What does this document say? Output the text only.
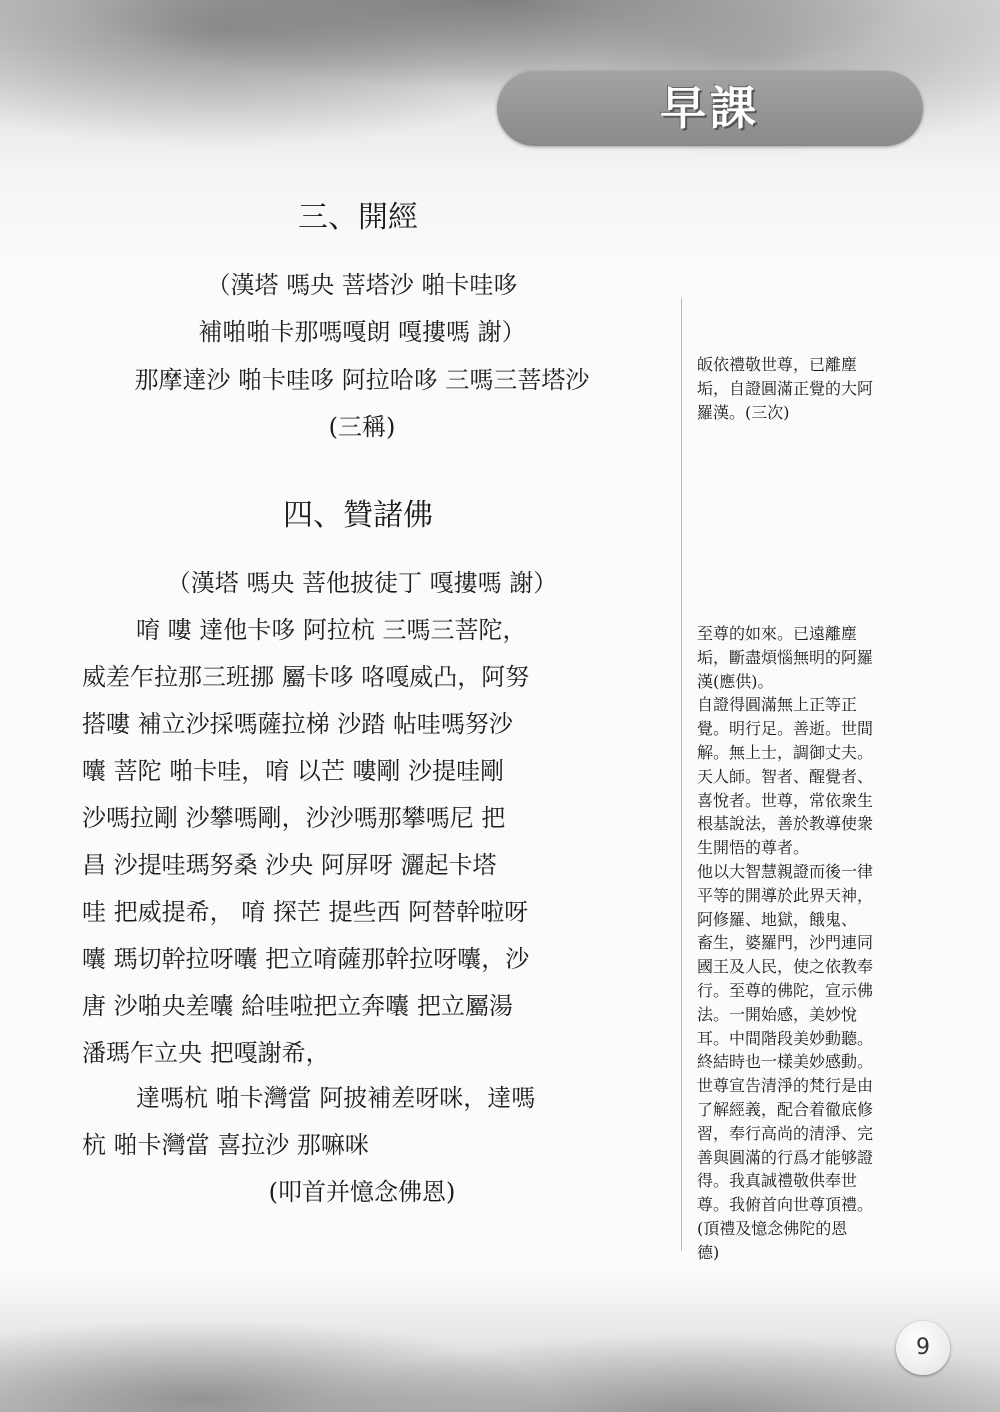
早課
三、開經
（漢塔 嗎央 菩塔沙 啪卡哇哆
補啪啪卡那嗎嘎朗 嘎摟嗎 謝）
那摩達沙 啪卡哇哆 阿拉哈哆 三嗎三菩塔沙
(三稱)
四、贊諸佛
（漢塔 嗎央 菩他披徒丁 嘎摟嗎 謝）
唷 嘍 達他卡哆 阿拉杭 三嗎三菩陀，
威差乍拉那三班挪 屬卡哆 咯嘎威凸，阿努
搭嘍 補立沙採嗎薩拉梯 沙踏 帖哇嗎努沙
囔 菩陀 啪卡哇，唷 以芒 嘍剛 沙提哇剛
沙嗎拉剛 沙攀嗎剛，沙沙嗎那攀嗎尼 把
昌 沙提哇瑪努桑 沙央 阿屏呀 灑起卡塔
哇 把威提希， 唷 探芒 提些西 阿替幹啦呀
囔 瑪切幹拉呀囔 把立唷薩那幹拉呀囔，沙
唐 沙啪央差囔 給哇啦把立奔囔 把立屬湯
潘瑪乍立央 把嘎謝希，
達嗎杭 啪卡灣當 阿披補差呀咪，達嗎
杭 啪卡灣當 喜拉沙 那嘛咪
(叩首并憶念佛恩)
皈依禮敬世尊，已離塵
垢，自證圓滿正覺的大阿
羅漢。(三次)
至尊的如來。已遠離塵
垢，斷盡煩惱無明的阿羅
漢(應供)。
自證得圓滿無上正等正
覺。明行足。善逝。世間
解。無上士，調御丈夫。
天人師。智者、醒覺者、
喜悅者。世尊，常依衆生
根基說法，善於教導使衆
生開悟的尊者。
他以大智慧親證而後一律
平等的開導於此界天神，
阿修羅、地獄，餓鬼、
畜生，婆羅門，沙門連同
國王及人民，使之依教奉
行。至尊的佛陀，宣示佛
法。一開始感，美妙悅
耳。中間階段美妙動聽。
終結時也一樣美妙感動。
世尊宣告清淨的梵行是由
了解經義，配合着徹底修
習，奉行高尚的清淨、完
善與圓滿的行爲才能够證
得。我真誠禮敬供奉世
尊。我俯首向世尊頂禮。
(頂禮及憶念佛陀的恩
德)
9
